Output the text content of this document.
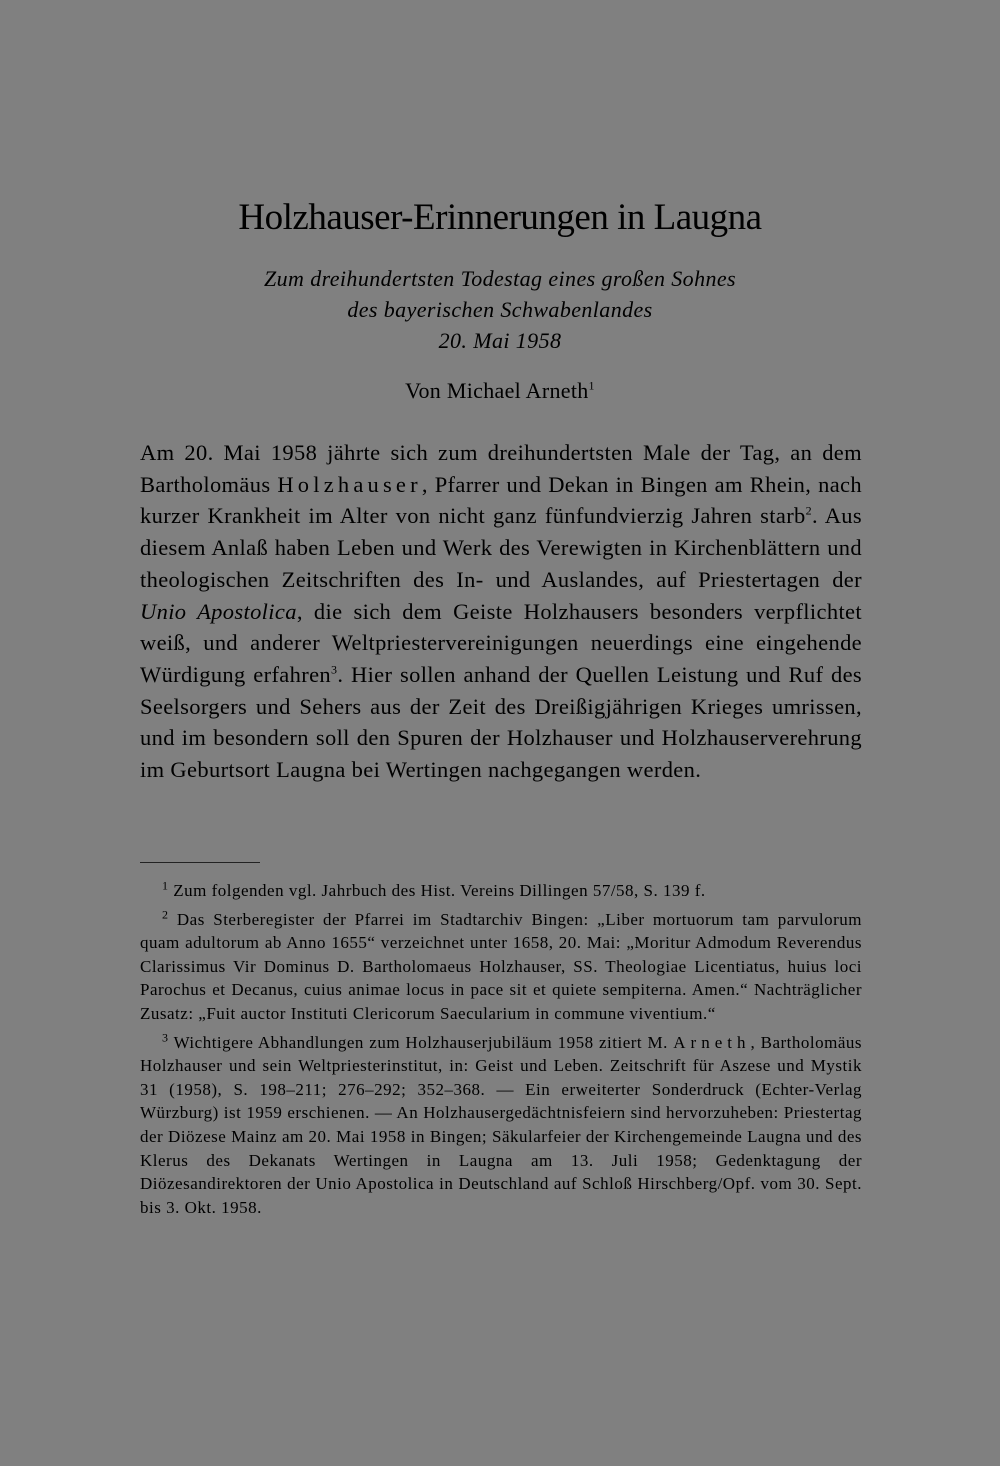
Holzhauser-Erinnerungen in Laugna
Zum dreihundertsten Todestag eines großen Sohnes
des bayerischen Schwabenlandes
20. Mai 1958
Von Michael Arneth$^1$

Am 20. Mai 1958 jährte sich zum dreihundertsten Male der Tag, an dem Bartholomäus Holzhauser, Pfarrer und Dekan in Bingen am Rhein, nach kurzer Krankheit im Alter von nicht ganz fünfundvierzig Jahren starb$^2$. Aus diesem Anlaß haben Leben und Werk des Verewigten in Kirchenblättern und theologischen Zeitschriften des In- und Auslandes, auf Priestertagen der Unio Apostolica, die sich dem Geiste Holzhausers besonders verpflichtet weiß, und anderer Weltpriestervereinigungen neuerdings eine eingehende Würdigung erfahren$^3$. Hier sollen anhand der Quellen Leistung und Ruf des Seelsorgers und Sehers aus der Zeit des Dreißigjährigen Krieges umrissen, und im besondern soll den Spuren der Holzhauser und Holzhauserverehrung im Geburtsort Laugna bei Wertingen nachgegangen werden.

$^1$ Zum folgenden vgl. Jahrbuch des Hist. Vereins Dillingen 57/58, S. 139 f.

$^2$ Das Sterberegister der Pfarrei im Stadtarchiv Bingen: „Liber mortuorum tam parvulorum quam adultorum ab Anno 1655“ verzeichnet unter 1658, 20. Mai: „Moritur Admodum Reverendus Clarissimus Vir Dominus D. Bartholomaeus Holzhauser, SS. Theologiae Licentiatus, huius loci Parochus et Decanus, cuius animae locus in pace sit et quiete sempiterna. Amen.“ Nachträglicher Zusatz: „Fuit auctor Instituti Clericorum Saecularium in commune viventium.“

$^3$ Wichtigere Abhandlungen zum Holzhauserjubiläum 1958 zitiert M. Arneth, Bartholomäus Holzhauser und sein Weltpriesterinstitut, in: Geist und Leben. Zeitschrift für Aszese und Mystik 31 (1958), S. 198–211; 276–292; 352–368. — Ein erweiterter Sonderdruck (Echter-Verlag Würzburg) ist 1959 erschienen. — An Holzhausergedächtnisfeiern sind hervorzuheben: Priestertag der Diözese Mainz am 20. Mai 1958 in Bingen; Säkularfeier der Kirchengemeinde Laugna und des Klerus des Dekanats Wertingen in Laugna am 13. Juli 1958; Gedenktagung der Diözesandirektoren der Unio Apostolica in Deutschland auf Schloß Hirschberg/Opf. vom 30. Sept. bis 3. Okt. 1958.
